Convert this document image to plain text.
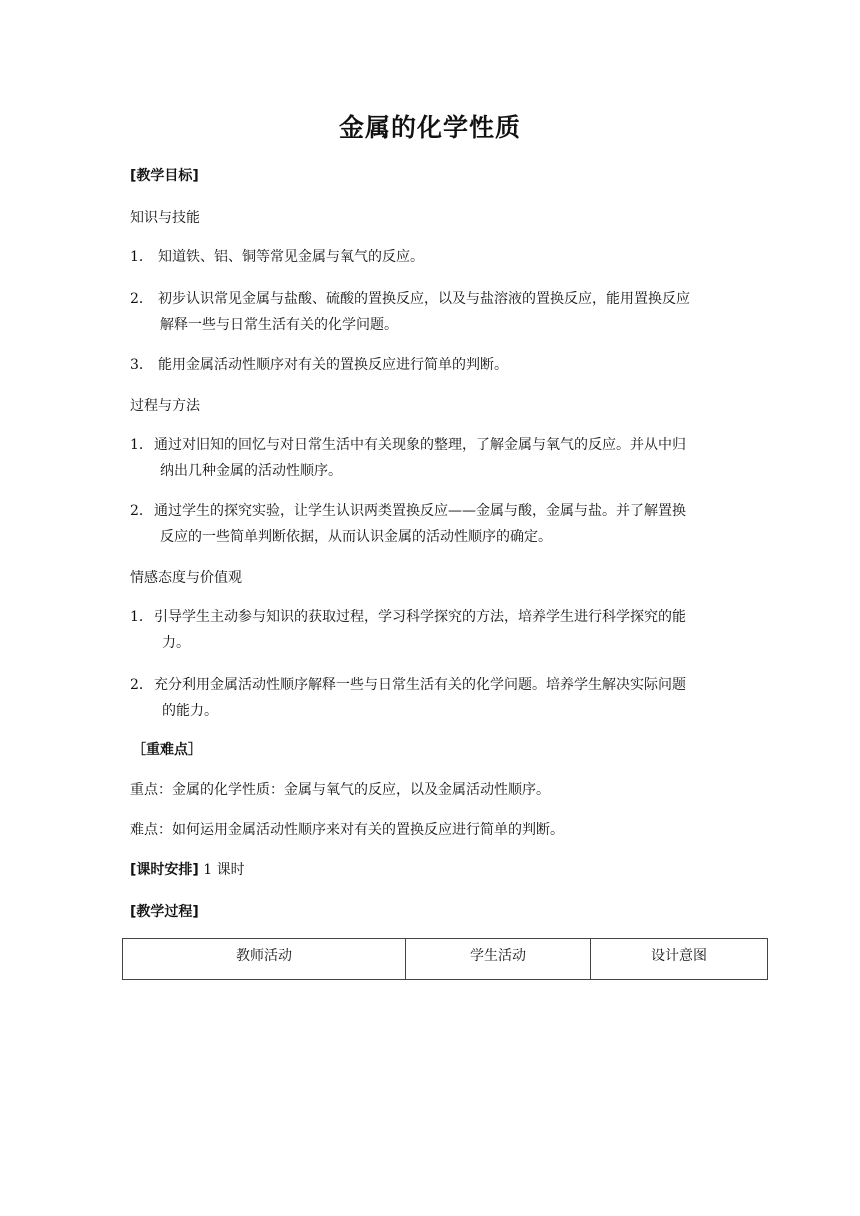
金属的化学性质
[教学目标]
知识与技能
1． 知道铁、铝、铜等常见金属与氧气的反应。
2． 初步认识常见金属与盐酸、硫酸的置换反应，以及与盐溶液的置换反应，能用置换反应
解释一些与日常生活有关的化学问题。
3． 能用金属活动性顺序对有关的置换反应进行简单的判断。
过程与方法
1． 通过对旧知的回忆与对日常生活中有关现象的整理，了解金属与氧气的反应。并从中归
纳出几种金属的活动性顺序。
2． 通过学生的探究实验，让学生认识两类置换反应——金属与酸，金属与盐。并了解置换
反应的一些简单判断依据，从而认识金属的活动性顺序的确定。
情感态度与价值观
1． 引导学生主动参与知识的获取过程，学习科学探究的方法，培养学生进行科学探究的能
力。
2． 充分利用金属活动性顺序解释一些与日常生活有关的化学问题。培养学生解决实际问题
的能力。
［重难点］
重点：金属的化学性质：金属与氧气的反应，以及金属活动性顺序。
难点：如何运用金属活动性顺序来对有关的置换反应进行简单的判断。
[课时安排] 1 课时
[教学过程]
教师活动	学生活动	设计意图
